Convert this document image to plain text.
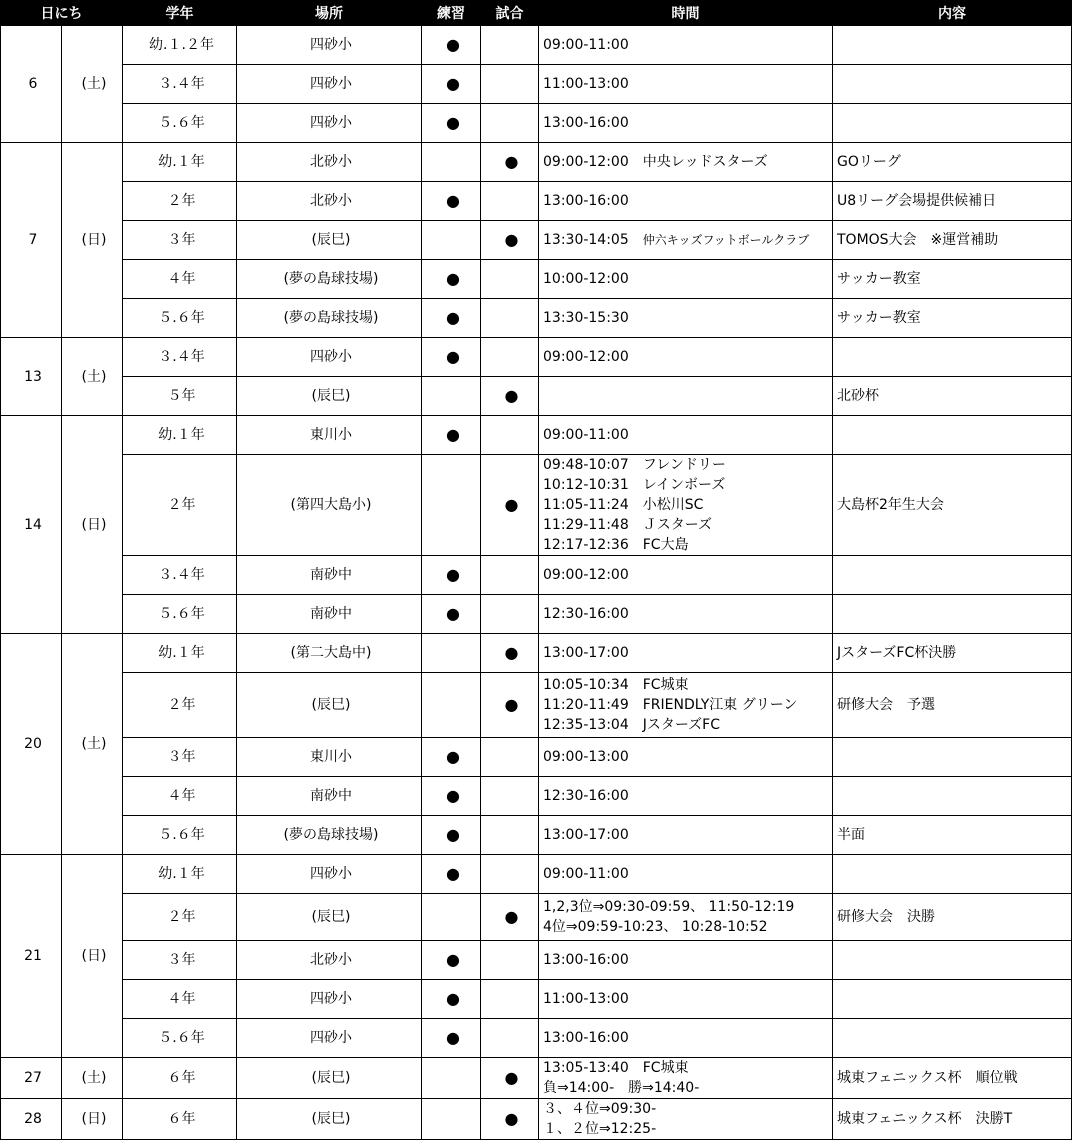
日にち		学年	場所	練習	試合	時間	内容
6	(土)	幼.１.２年	四砂小	●		09:00-11:00	

		３.４年	四砂小	●		11:00-13:00	

		５.６年	四砂小	●		13:00-16:00	

7	(日)	幼.１年	北砂小		●	09:00-12:00　中央レッドスターズ	GOリーグ
		２年	北砂小	●		13:00-16:00	U8リーグ会場提供候補日
		３年	(辰巳)		●	13:30-14:05　 仲六キッズフットボールクラブ	TOMOS大会　※運営補助
		４年	(夢の島球技場)	●		10:00-12:00	サッカー教室
		５.６年	(夢の島球技場)	●		13:30-15:30	サッカー教室
13	(土)	３.４年	四砂小	●		09:00-12:00	

		５年	(辰巳)		●		北砂杯
14	(日)	幼.１年	東川小	●		09:00-11:00	

		２年	(第四大島小)		●	09:48-10:07　フレンドリー
10:12-10:31　レインボーズ
11:05-11:24　小松川SC
11:29-11:48　Ｊスターズ
12:17-12:36　FC大島	大島杯2年生大会
		３.４年	南砂中	●		09:00-12:00	

		５.６年	南砂中	●		12:30-16:00	

20	(土)	幼.１年	(第二大島中)		●	13:00-17:00	JスターズFC杯決勝
		２年	(辰巳)		●	10:05-10:34　FC城東
11:20-11:49　FRIENDLY江東 グリーン
12:35-13:04　JスターズFC	研修大会　予選
		３年	東川小	●		09:00-13:00	

		４年	南砂中	●		12:30-16:00	

		５.６年	(夢の島球技場)	●		13:00-17:00	半面
21	(日)	幼.１年	四砂小	●		09:00-11:00	

		２年	(辰巳)		●	1,2,3位⇒09:30-09:59、 11:50-12:19
4位⇒09:59-10:23、 10:28-10:52	研修大会　決勝
		３年	北砂小	●		13:00-16:00	

		４年	四砂小	●		11:00-13:00	

		５.６年	四砂小	●		13:00-16:00	

27	(土)	６年	(辰巳)		●	13:05-13:40　FC城東
負⇒14:00-　勝⇒14:40-	城東フェニックス杯　順位戦
28	(日)	６年	(辰巳)		●	３、４位⇒09:30-
１、２位⇒12:25-	城東フェニックス杯　決勝T
